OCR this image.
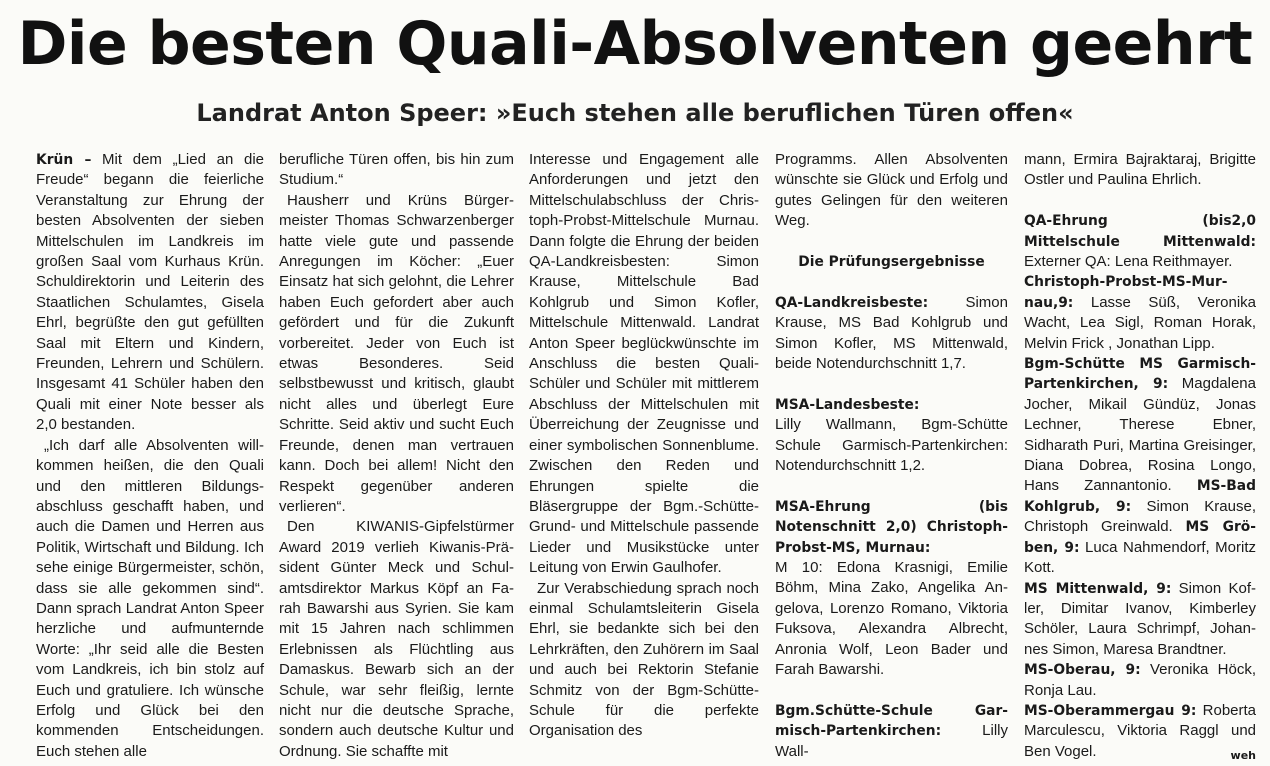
Die besten Quali-Absolventen geehrt
Landrat Anton Speer: »Euch stehen alle beruflichen Türen offen«

Krün – Mit dem „Lied an die Freude“ begann die feierliche Veranstaltung zur Ehrung der besten Absolventen der sieben Mittelschulen im Landkreis im großen Saal vom Kurhaus Krün. Schuldirektorin und Leiterin des Staatlichen Schulamtes, Gisela Ehrl, begrüßte den gut gefüllten Saal mit Eltern und Kindern, Freunden, Lehrern und Schülern. Insgesamt 41 Schüler haben den Quali mit einer Note besser als 2,0 bestanden.

„Ich darf alle Absolventen willkommen heißen, die den Quali und den mittleren Bildungsabschluss geschafft haben, und auch die Damen und Herren aus Politik, Wirtschaft und Bildung. Ich sehe einige Bürgermeister, schön, dass sie alle gekommen sind“. Dann sprach Landrat Anton Speer herzliche und aufmunternde Worte: „Ihr seid alle die Besten vom Landkreis, ich bin stolz auf Euch und gratuliere. Ich wünsche Erfolg und Glück bei den kommenden Entscheidungen. Euch stehen alle

berufliche Türen offen, bis hin zum Studium.“

Hausherr und Krüns Bürgermeister Thomas Schwarzenberger hatte viele gute und passende Anregungen im Köcher: „Euer Einsatz hat sich gelohnt, die Lehrer haben Euch gefordert aber auch gefördert und für die Zukunft vorbereitet. Jeder von Euch ist etwas Besonderes. Seid selbstbewusst und kritisch, glaubt nicht alles und überlegt Eure Schritte. Seid aktiv und sucht Euch Freunde, denen man vertrauen kann. Doch bei allem! Nicht den Respekt gegenüber anderen verlieren“.

Den KIWANIS-Gipfelstürmer Award 2019 verlieh Kiwanis-Präsident Günter Meck und Schulamtsdirektor Markus Köpf an Farah Bawarshi aus Syrien. Sie kam mit 15 Jahren nach schlimmen Erlebnissen als Flüchtling aus Damaskus. Bewarb sich an der Schule, war sehr fleißig, lernte nicht nur die deutsche Sprache, sondern auch deutsche Kultur und Ordnung. Sie schaffte mit

Interesse und Engagement alle Anforderungen und jetzt den Mittelschulabschluss der Christoph-Probst-Mittelschule Murnau. Dann folgte die Ehrung der beiden QA-Landkreisbesten: Simon Krause, Mittelschule Bad Kohlgrub und Simon Kofler, Mittelschule Mittenwald. Landrat Anton Speer beglückwünschte im Anschluss die besten Quali-Schüler und Schüler mit mittlerem Abschluss der Mittelschulen mit Überreichung der Zeugnisse und einer symbolischen Sonnenblume. Zwischen den Reden und Ehrungen spielte die Bläsergruppe der Bgm.-Schütte-Grund- und Mittelschule passende Lieder und Musikstücke unter Leitung von Erwin Gaulhofer.

Zur Verabschiedung sprach noch einmal Schulamtsleiterin Gisela Ehrl, sie bedankte sich bei den Lehrkräften, den Zuhörern im Saal und auch bei Rektorin Stefanie Schmitz von der Bgm-Schütte-Schule für die perfekte Organisation des

Programms. Allen Absolventen wünschte sie Glück und Erfolg und gutes Gelingen für den weiteren Weg.

Die Prüfungsergebnisse

QA-Landkreisbeste: Simon Krause, MS Bad Kohlgrub und Simon Kofler, MS Mittenwald, beide Notendurchschnitt 1,7.

MSA-Landesbeste:
Lilly Wallmann, Bgm-Schütte Schule Garmisch-Partenkirchen: Notendurchschnitt 1,2.

MSA-Ehrung (bis Notenschnitt 2,0) Christoph-Probst-MS, Murnau:
M 10: Edona Krasnigi, Emilie Böhm, Mina Zako, Angelika Angelova, Lorenzo Romano, Viktoria Fuksova, Alexandra Albrecht, Anronia Wolf, Leon Bader und Farah Bawarshi.

Bgm.Schütte-Schule Garmisch-Partenkirchen:	Lilly Wall-

mann, Ermira Bajraktaraj, Brigitte Ostler und Paulina Ehrlich.

QA-Ehrung (bis2,0 Mittelschule Mittenwald: Externer QA: Lena Reithmayer.

Christoph-Probst-MS-Murnau,9: Lasse Süß, Veronika Wacht, Lea Sigl, Roman Horak, Melvin Frick , Jonathan Lipp.

Bgm-Schütte MS Garmisch-Partenkirchen, 9: Magdalena Jocher, Mikail Gündüz, Jonas Lechner, Therese Ebner, Sidharath Puri, Martina Greisinger, Diana Dobrea, Rosina Longo, Hans Zannantonio. MS-Bad Kohlgrub, 9: Simon Krause, Christoph Greinwald. MS Gröben, 9: Luca Nahmendorf, Moritz Kott.

MS Mittenwald, 9: Simon Kofler, Dimitar Ivanov, Kimberley Schöler, Laura Schrimpf, Johannes Simon, Maresa Brandtner.

MS-Oberau, 9: Veronika Höck, Ronja Lau.

MS-Oberammergau 9: Roberta Marculescu, Viktoria Raggl und Ben Vogel.	weh
